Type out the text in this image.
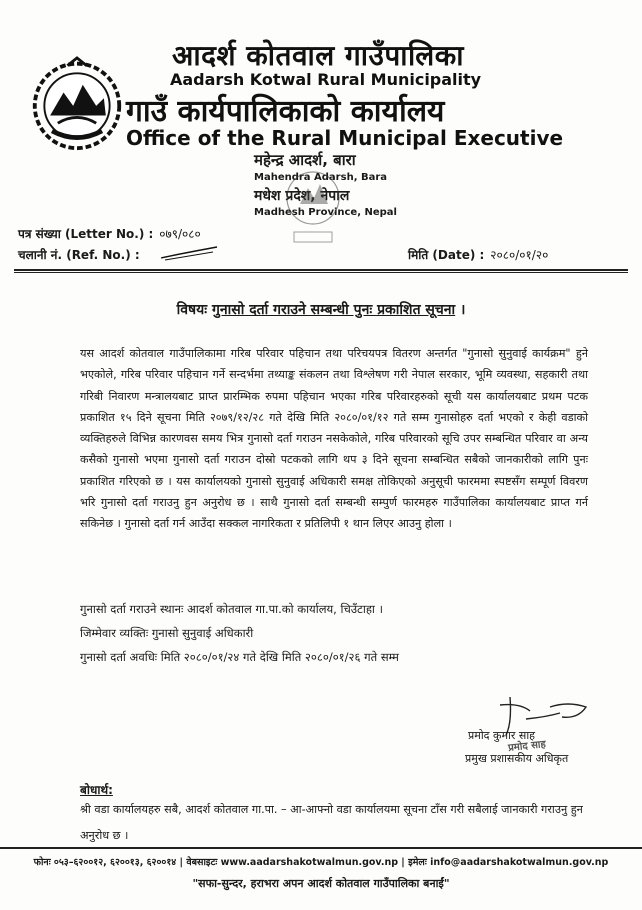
आदर्श कोतवाल गाउँपालिका
Aadarsh Kotwal Rural Municipality
गाउँ कार्यपालिकाको कार्यालय
Office of the Rural Municipal Executive
महेन्द्र आदर्श, बारा
Mahendra Adarsh, Bara
मधेश प्रदेश, नेपाल
Madhesh Province, Nepal
पत्र संख्या (Letter No.) : ०७९/०८०
चलानी नं. (Ref. No.) :	मिति (Date) : २०८०/०१/२०
विषयः गुनासो दर्ता गराउने सम्बन्धी पुनः प्रकाशित सूचना ।
यस आदर्श कोतवाल गाउँपालिकामा गरिब परिवार पहिचान तथा परिचयपत्र वितरण अन्तर्गत "गुनासो सुनुवाई कार्यक्रम" हुने भएकोले, गरिब परिवार पहिचान गर्ने सन्दर्भमा तथ्याङ्क संकलन तथा विश्लेषण गरी नेपाल सरकार, भूमि व्यवस्था, सहकारी तथा गरिबी निवारण मन्त्रालयबाट प्राप्त प्रारम्भिक रुपमा पहिचान भएका गरिब परिवारहरुको सूची यस कार्यालयबाट प्रथम पटक प्रकाशित १५ दिने सूचना मिति २०७९/१२/२८ गते देखि मिति २०८०/०१/१२ गते सम्म गुनासोहरु दर्ता भएको र केही वडाको व्यक्तिहरुले विभिन्न कारणवस समय भित्र गुनासो दर्ता गराउन नसकेकोले, गरिब परिवारको सूचि उपर सम्बन्धित परिवार वा अन्य कसैको गुनासो भएमा गुनासो दर्ता गराउन दोस्रो पटकको लागि थप ३ दिने सूचना सम्बन्धित सबैको जानकारीको लागि पुनः प्रकाशित गरिएको छ । यस कार्यालयको गुनासो सुनुवाई अधिकारी समक्ष तोकिएको अनुसूची फारममा स्पष्टसँग सम्पूर्ण विवरण भरि गुनासो दर्ता गराउनु हुन अनुरोध छ । साथै गुनासो दर्ता सम्बन्धी सम्पुर्ण फारमहरु गाउँपालिका कार्यालयबाट प्राप्त गर्न सकिनेछ । गुनासो दर्ता गर्न आउँदा सक्कल नागरिकता र प्रतिलिपी १ थान लिएर आउनु होला ।
गुनासो दर्ता गराउने स्थानः आदर्श कोतवाल गा.पा.को कार्यालय, चिउँटाहा ।
जिम्मेवार व्यक्तिः गुनासो सुनुवाई अधिकारी
गुनासो दर्ता अवधिः मिति २०८०/०१/२४ गते देखि मिति २०८०/०१/२६ गते सम्म
प्रमोद साह
प्रमोद कुमार साह
प्रमुख प्रशासकीय अधिकृत
बोधार्थ:
श्री वडा कार्यालयहरु सबै, आदर्श कोतवाल गा.पा. – आ-आफ्नो वडा कार्यालयमा सूचना टाँस गरी सबैलाई जानकारी गराउनु हुन अनुरोध छ ।
फोनः ०५३–६२००१२, ६२००१३, ६२००१४ | वेबसाइटः www.aadarshakotwalmun.gov.np | इमेलः info@aadarshakotwalmun.gov.np
"सफा-सुन्दर, हराभरा अपन आदर्श कोतवाल गाउँपालिका बनाईं"
